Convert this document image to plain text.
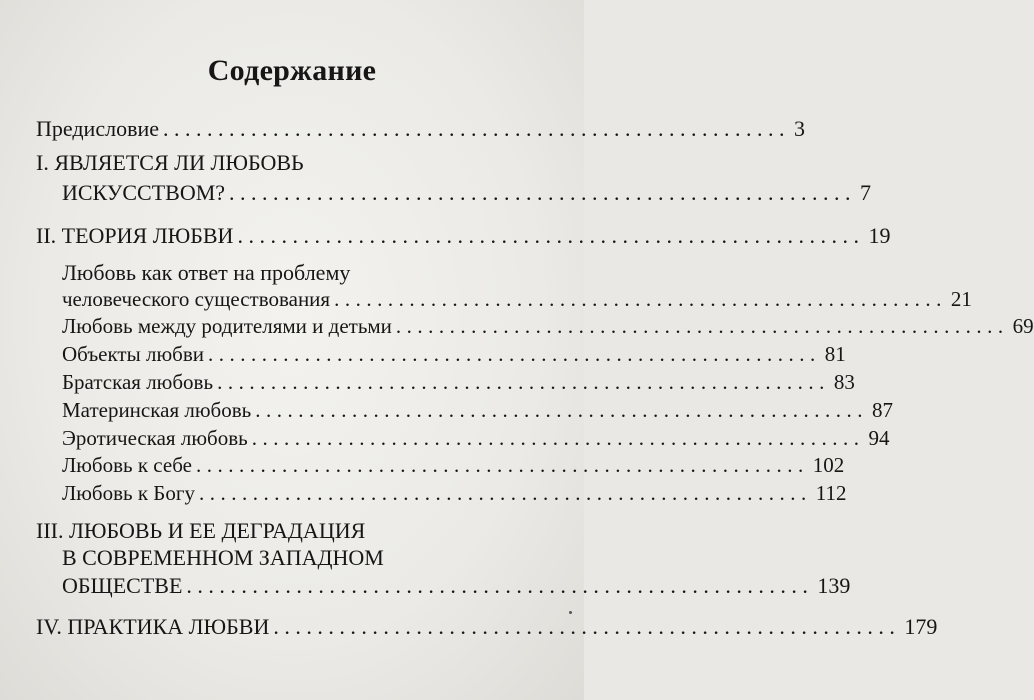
Содержание
Предисловие ......................................................... 3
I. ЯВЛЯЕТСЯ ЛИ ЛЮБОВЬ
ИСКУССТВОМ? ......................................................... 7
II. ТЕОРИЯ ЛЮБВИ ......................................................... 19
Любовь как ответ на проблему
человеческого существования ......................................................... 21
Любовь между родителями и детьми ......................................................... 69
Объекты любви ......................................................... 81
Братская любовь ......................................................... 83
Материнская любовь ......................................................... 87
Эротическая любовь ......................................................... 94
Любовь к себе ......................................................... 102
Любовь к Богу ......................................................... 112
III. ЛЮБОВЬ И ЕЕ ДЕГРАДАЦИЯ
В СОВРЕМЕННОМ ЗАПАДНОМ
ОБЩЕСТВЕ ......................................................... 139
IV. ПРАКТИКА ЛЮБВИ ......................................................... 179
